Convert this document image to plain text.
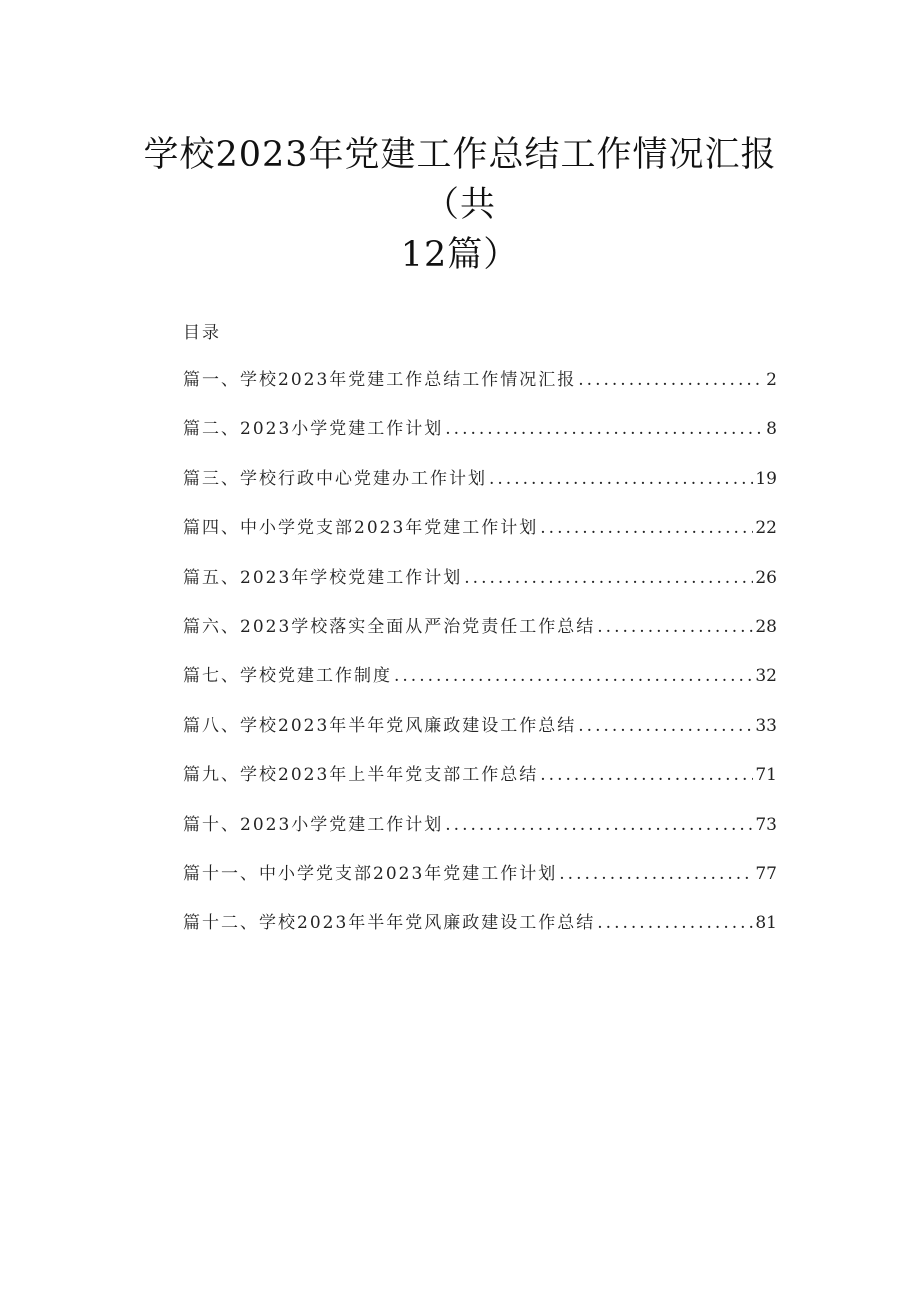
学校2023年党建工作总结工作情况汇报
（共
12篇）
目录
篇一、学校2023年党建工作总结工作情况汇报 .....	2
篇二、2023小学党建工作计划 .....	8
篇三、学校行政中心党建办工作计划 .....	19
篇四、中小学党支部2023年党建工作计划 .....	22
篇五、2023年学校党建工作计划 .....	26
篇六、2023学校落实全面从严治党责任工作总结 .....	28
篇七、学校党建工作制度 .....	32
篇八、学校2023年半年党风廉政建设工作总结 .....	33
篇九、学校2023年上半年党支部工作总结 .....	71
篇十、2023小学党建工作计划 .....	73
篇十一、中小学党支部2023年党建工作计划 .....	77
篇十二、学校2023年半年党风廉政建设工作总结 .....	81
